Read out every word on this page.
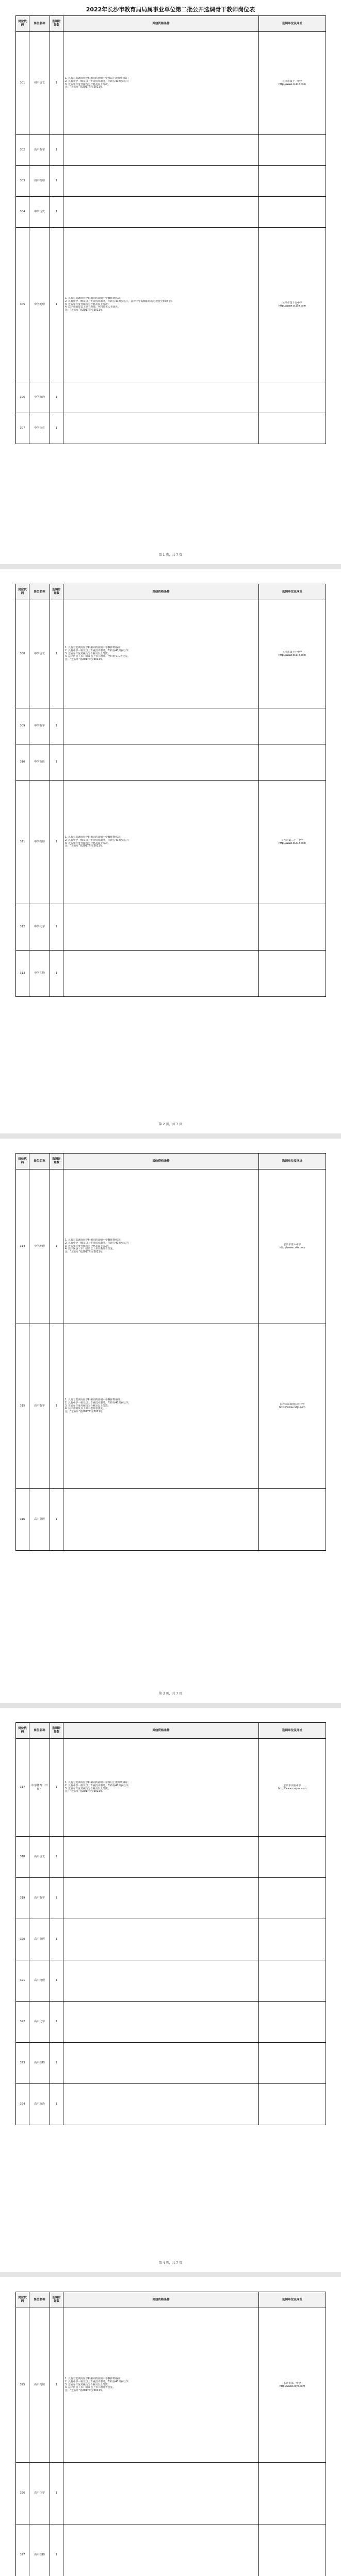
2022年长沙市教育局局属事业单位第二批公开选调骨干教师岗位表
岗位代码	岗位名称	选调计划数	其他资格条件	选调单位及网址
301	初中语文	1	1. 具有与选调岗位学科相同的初级中学及以上教师资格证；
2. 具有中学一级及以上专业技术职务，年龄在40周岁以下；
3. 近五年年度考核均为合格及以上等次。
注：“近五年”指2017年至2021年。	长沙市第十一中学
http://www.cs11z.com
302	高中数学	1		
303	初中物理	1		
304	中学历史	1		
305	中学地理	1	1. 具有与选调岗位学科相同的高级中学教师资格证；
2. 具有中学一级及以上专业技术职务，年龄在40周岁以下，获评中学高级职称的可放宽至45周岁；
3. 近五年年度考核均为合格及以上等次；
4. 获评市级及以上骨干教师、学科带头人者优先。
注：“近五年”指2017年至2021年。	长沙市第十五中学
http://www.cs15z.com
306	中学政治	1		
307	中学体育	1		
第 1 页，共 7 页
岗位代码	岗位名称	选调计划数	其他资格条件	选调单位及网址
308	中学语文	1	1. 具有与选调岗位学科相同的高级中学教师资格证；
2. 具有中学一级及以上专业技术职务，年龄在40周岁以下；
3. 近五年年度考核均为合格及以上等次；
4. 获评区县（市）级及以上骨干教师、学科带头人者优先。
注：“近五年”指2017年至2021年。	长沙市第十七中学
http://www.cs17z.com
309	中学数学	1		
310	中学英语	1		
311	中学物理	1	1. 具有与选调岗位学科相同的高级中学教师资格证；
2. 具有中学一级及以上专业技术职务，年龄在40周岁以下；
3. 近五年年度考核均为合格及以上等次。
注：“近五年”指2017年至2021年。	长沙市第二十一中学
http://www.cs21z.com
312	中学化学	1		
313	中学生物	1		
第 2 页，共 7 页
岗位代码	岗位名称	选调计划数	其他资格条件	选调单位及网址
314	中学地理	1	1. 具有与选调岗位学科相同的高级中学教师资格证；
2. 具有中学一级及以上专业技术职务，年龄在40周岁以下；
3. 近五年年度考核均为合格及以上等次；
4. 获评区县（市）级及以上骨干教师者优先。
注：“近五年”指2017年至2021年。	长沙市第六中学
http://www.cs6z.com
315	高中数学	1	1. 具有与选调岗位学科相同的高级中学教师资格证；
2. 具有中学一级及以上专业技术职务，年龄在40周岁以下；
3. 近五年年度考核均为合格及以上等次；
4. 获评市级及以上骨干教师者优先。
注：“近五年”指2017年至2021年。	长沙市田家炳实验中学
http://www.cstjb.com
316	高中英语	1		
第 3 页，共 7 页
岗位代码	岗位名称	选调计划数	其他资格条件	选调单位及网址
317	中学体育（田径）	1	1. 具有与选调岗位学科相同的初级中学及以上教师资格证；
2. 具有中学一级及以上专业技术职务，年龄在40周岁以下；
3. 近五年年度考核均为合格及以上等次。
注：“近五年”指2017年至2021年。	长沙市实验中学
http://www.cssyzx.com
318	高中语文	1		
319	高中数学	1		
320	高中英语	1		
321	高中物理	1		
322	高中化学	1		
323	高中生物	1		
324	高中政治	1		
第 4 页，共 7 页
岗位代码	岗位名称	选调计划数	其他资格条件	选调单位及网址
325	高中物理	1	1. 具有与选调岗位学科相同的高级中学教师资格证；
2. 具有中学一级及以上专业技术职务，年龄在40周岁以下；
3. 近五年年度考核均为合格及以上等次；
4. 获评区县（市）级及以上骨干教师者优先。
注：“近五年”指2017年至2021年。	长沙市第一中学
http://www.csyz.com
326	高中化学	1		
327	高中生物	1		
